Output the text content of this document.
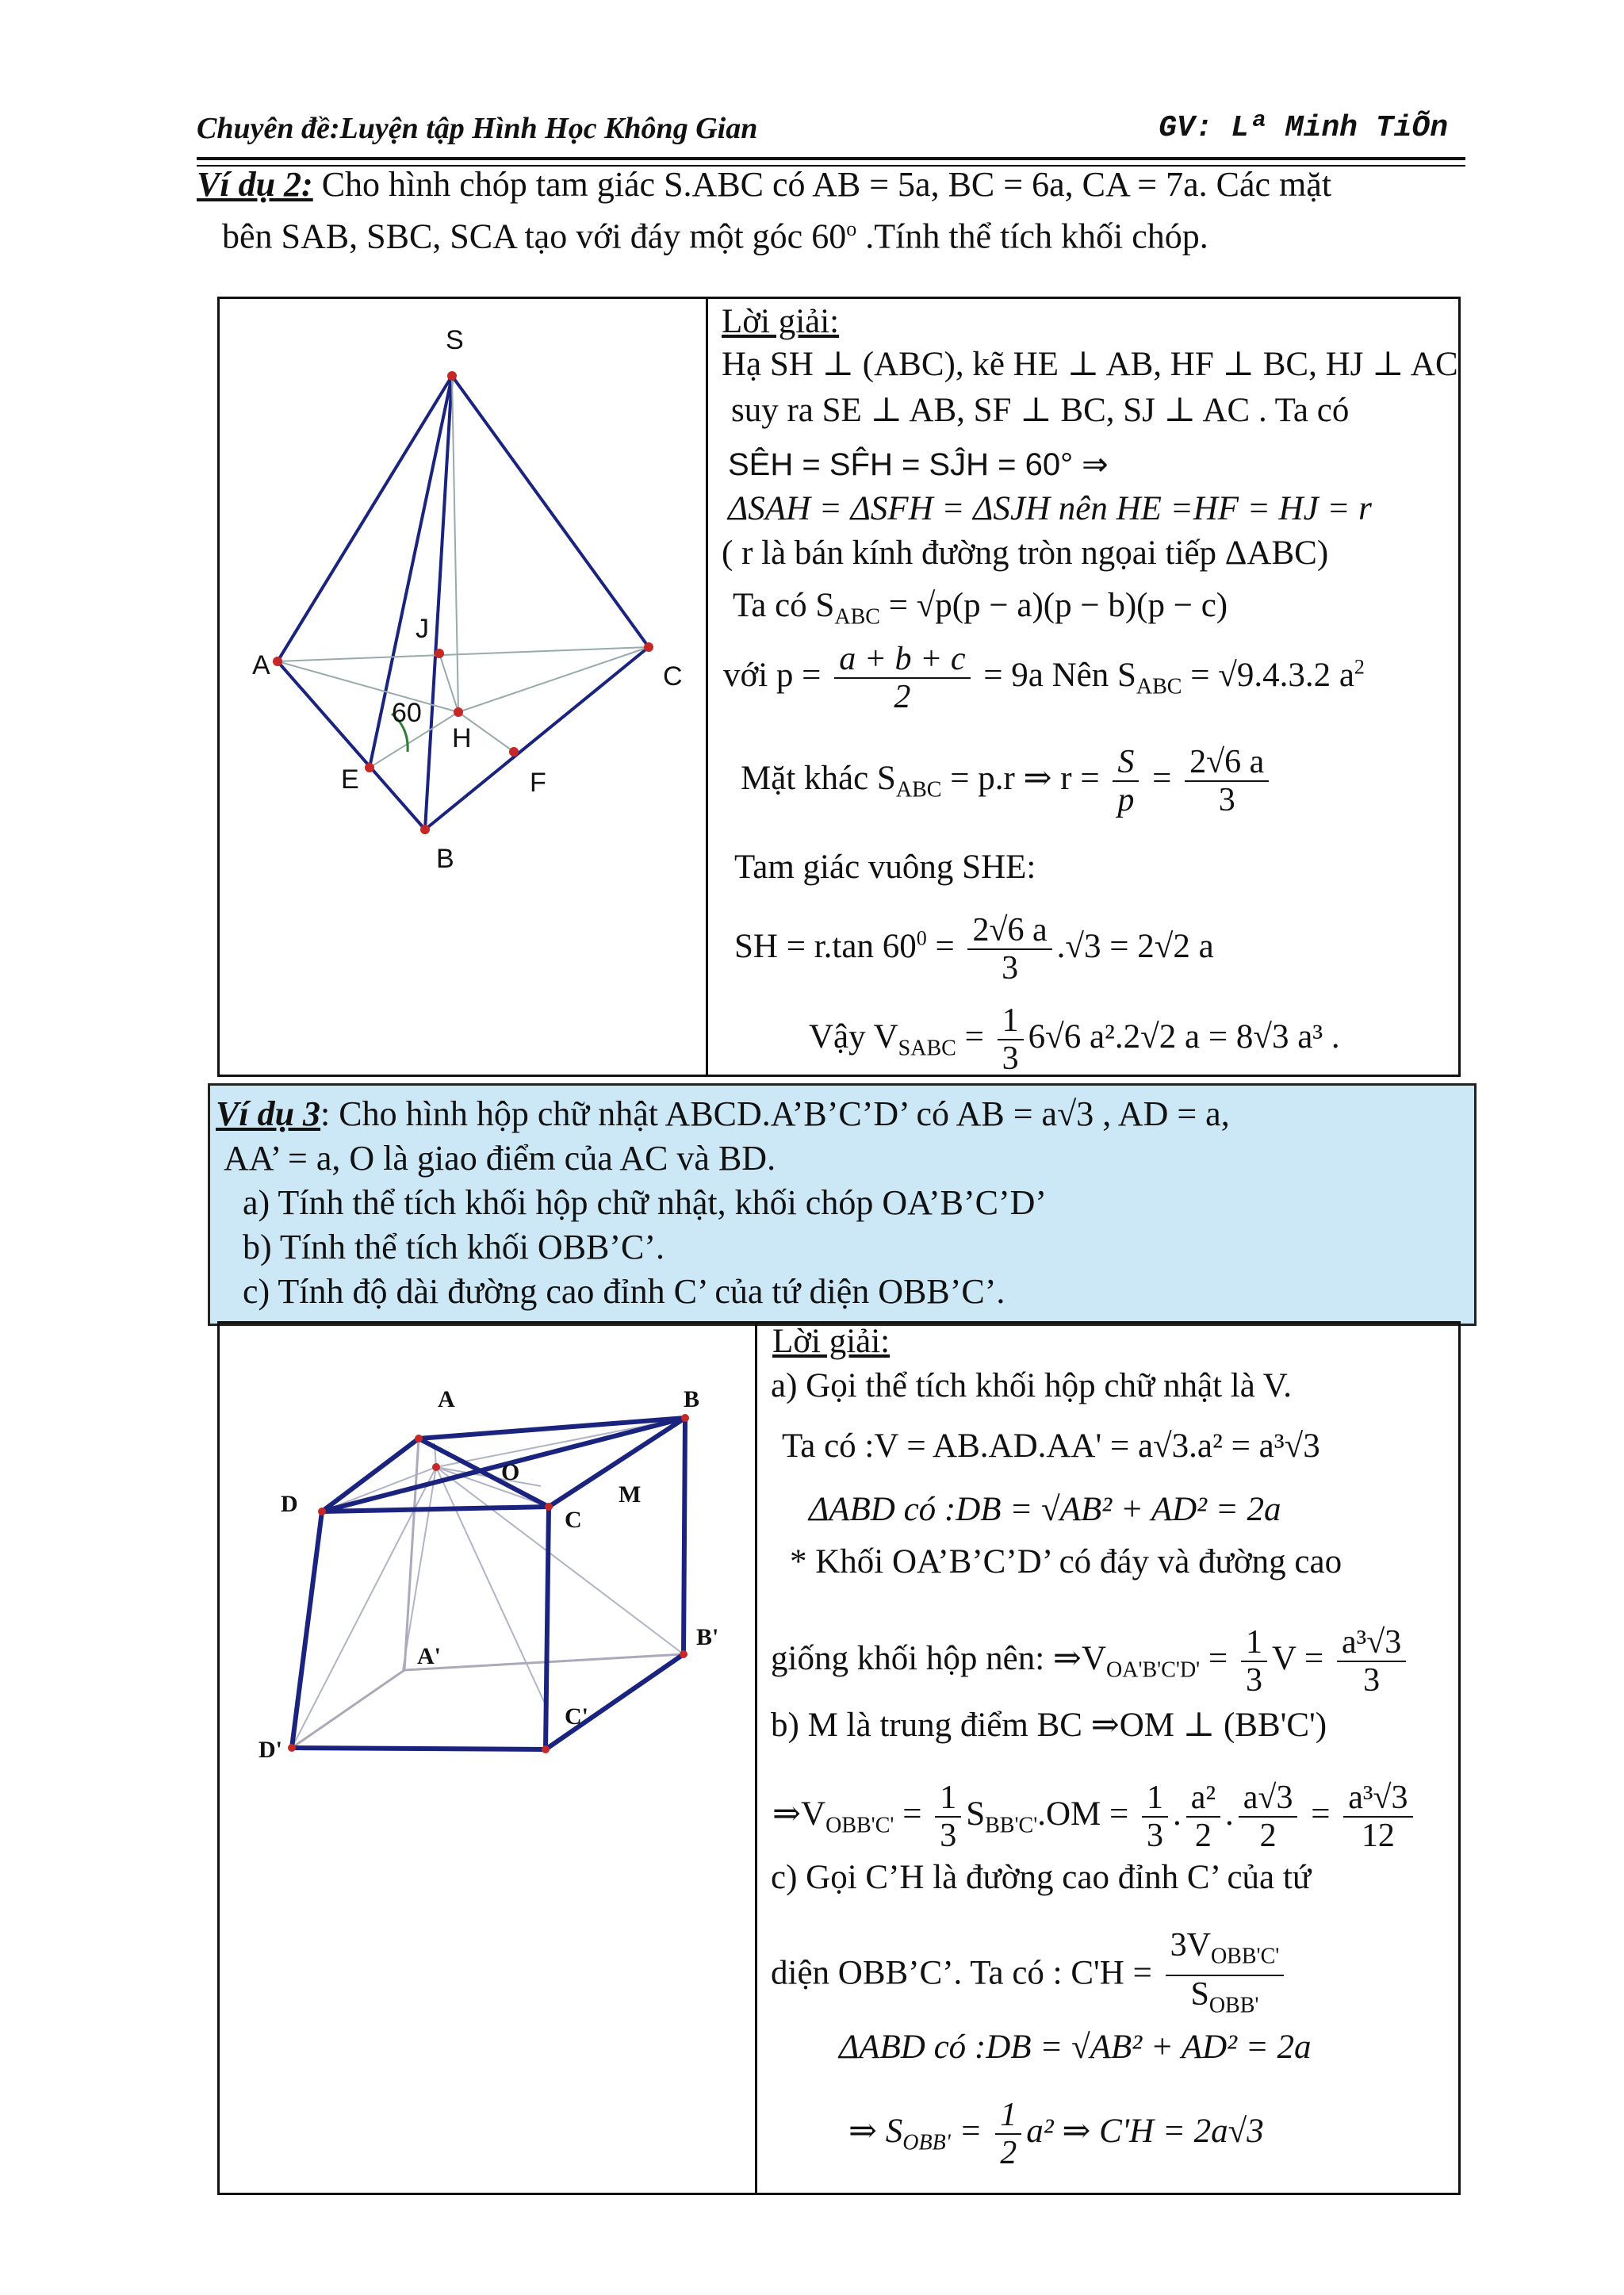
Chuyên đề:Luyện tập Hình Học Không Gian	GV: Lª Minh TiÕn
Ví dụ 2: Cho hình chóp tam giác S.ABC có AB = 5a, BC = 6a, CA = 7a. Các mặt
bên SAB, SBC, SCA tạo với đáy một góc 60$^o$ .Tính thể tích khối chóp.
S
A	C
B
E	F
H
J
60
Lời giải:
Hạ SH ⊥ (ABC), kẽ HE ⊥ AB, HF ⊥ BC, HJ ⊥ AC
suy ra SE ⊥ AB, SF ⊥ BC, SJ ⊥ AC . Ta có
SÊH = SF̂H = SĴH = 60° ⇒
ΔSAH = ΔSFH = ΔSJH nên HE =HF = HJ = r
( r là bán kính đường tròn ngọai tiếp ΔABC)
Ta có $S_{ABC} = √p(p - a)(p - b)(p - c)$
với $p = \frac{a + b + c}{2} = 9a$ Nên $S_{ABC} = √9.4.3.2$ $a^2$
Mặt khác $S_{ABC} = p.r$ ⇒ $r = \frac{S}{p} = \frac{2√6 a}{3}$
Tam giác vuông SHE:
SH = r.tan $60^0 = \frac{2√6 a}{3} .√3 = 2√2$ a
Vậy $V_{SABC} = \frac{1}{3} 6√6$ a².2√2 a = 8√3 a³ .
Ví dụ 3: Cho hình hộp chữ nhật ABCD.A’B’C’D’ có AB = a√3 , AD = a,
AA’ = a, O là giao điểm của AC và BD.
a) Tính thể tích khối hộp chữ nhật, khối chóp OA’B’C’D’
b) Tính thể tích khối OBB’C’.
c) Tính độ dài đường cao đỉnh C’ của tứ diện OBB’C’.
A	B
D
C
O
M
A'
B'
C'
D'
Lời giải:
a) Gọi thể tích khối hộp chữ nhật là V.
Ta có :V = AB.AD.AA' = a√3.a² = a³√3
ΔABD có :DB = √AB² + AD² = 2a
* Khối OA’B’C’D’ có đáy và đường cao
giống khối hộp nên: $\Rightarrow V_{OA'B'C'D'} = \frac{1}{3}$ $V = \frac{\text{a³√3}}{3}$
b) M là trung điểm BC ⇒OM ⊥ (BB'C')
$\Rightarrow V_{OBB'C'} = \frac{1}{3} S_{BB'C'}.OM = \frac{1}{3}$ . $\frac{\text{a²}}{2}$ . $\frac{a√3}{2} = \frac{\text{a³√3}}{12}$
c) Gọi C’H là đường cao đỉnh C’ của tứ
diện OBB’C’. Ta có : $C'H = \frac{3V_{OBB'C'}}{S_{OBB'}}$
ΔABD có :DB = √AB² + AD² = 2a
⇒ $S_{OBB'} = \frac{1}{2} a^2$ ⇒ C'H = 2a√3
